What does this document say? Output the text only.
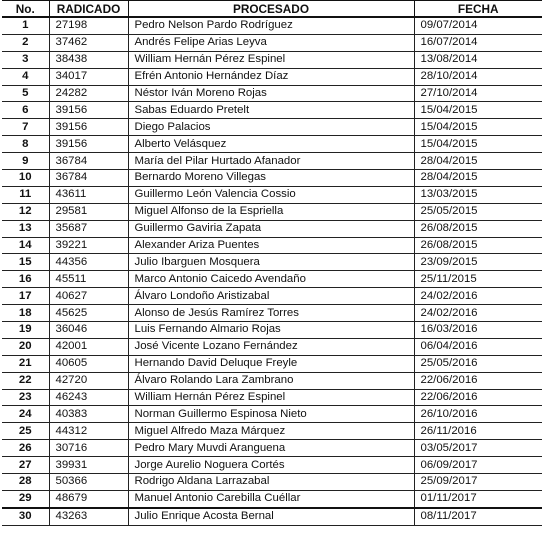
No.	RADICADO	PROCESADO	FECHA
1	27198	Pedro Nelson Pardo Rodríguez	09/07/2014
2	37462	Andrés Felipe Arias Leyva	16/07/2014
3	38438	William Hernán Pérez Espinel	13/08/2014
4	34017	Efrén Antonio Hernández Díaz	28/10/2014
5	24282	Néstor Iván Moreno Rojas	27/10/2014
6	39156	Sabas Eduardo Pretelt	15/04/2015
7	39156	Diego Palacios	15/04/2015
8	39156	Alberto Velásquez	15/04/2015
9	36784	María del Pilar Hurtado Afanador	28/04/2015
10	36784	Bernardo Moreno Villegas	28/04/2015
11	43611	Guillermo León Valencia Cossio	13/03/2015
12	29581	Miguel Alfonso de la Espriella	25/05/2015
13	35687	Guillermo Gaviria Zapata	26/08/2015
14	39221	Alexander Ariza Puentes	26/08/2015
15	44356	Julio Ibarguen Mosquera	23/09/2015
16	45511	Marco Antonio Caicedo Avendaño	25/11/2015
17	40627	Álvaro Londoño Aristizabal	24/02/2016
18	45625	Alonso de Jesús Ramírez Torres	24/02/2016
19	36046	Luis Fernando Almario Rojas	16/03/2016
20	42001	José Vicente Lozano Fernández	06/04/2016
21	40605	Hernando David Deluque Freyle	25/05/2016
22	42720	Álvaro Rolando Lara Zambrano	22/06/2016
23	46243	William Hernán Pérez Espinel	22/06/2016
24	40383	Norman Guillermo Espinosa Nieto	26/10/2016
25	44312	Miguel Alfredo Maza Márquez	26/11/2016
26	30716	Pedro Mary Muvdi Aranguena	03/05/2017
27	39931	Jorge Aurelio Noguera Cortés	06/09/2017
28	50366	Rodrigo Aldana Larrazabal	25/09/2017
29	48679	Manuel Antonio Carebilla Cuéllar	01/11/2017
30	43263	Julio Enrique Acosta Bernal	08/11/2017
